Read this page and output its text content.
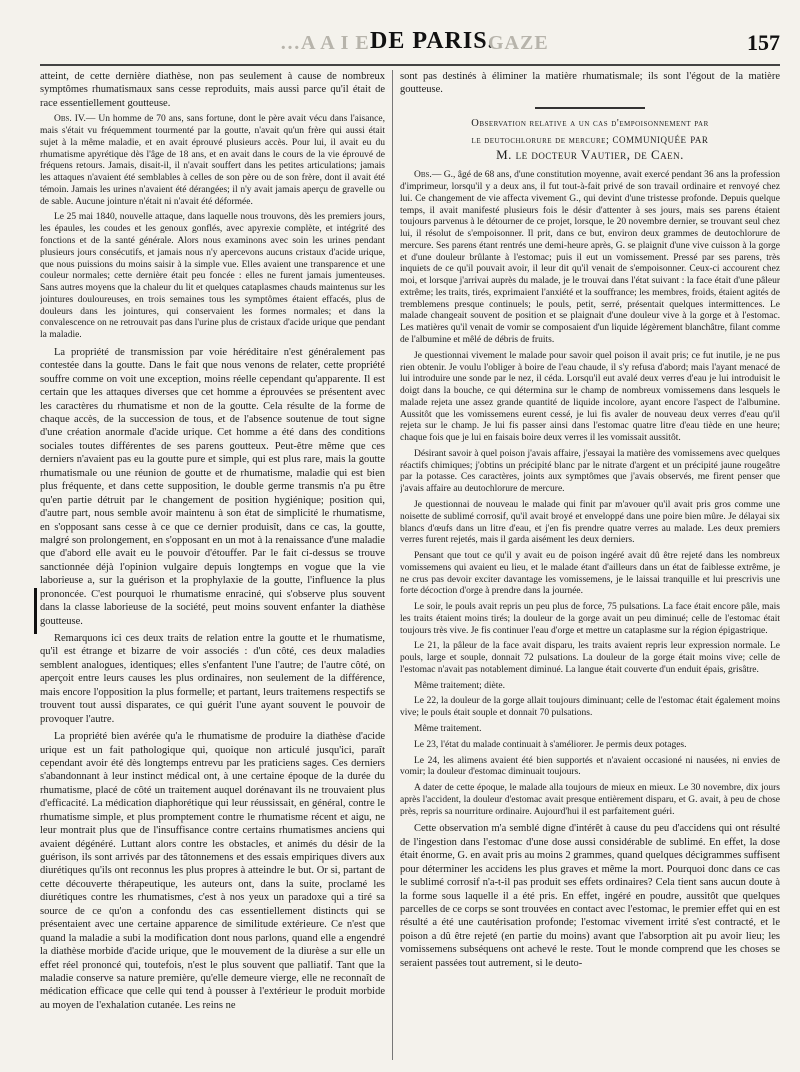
…A A I E DE PARIS.
GAZE	157

atteint, de cette dernière diathèse, non pas seulement à cause de nombreux symptômes rhumatismaux sans cesse reproduits, mais aussi parce qu'il était de race essentiellement goutteuse.

Obs. IV.— Un homme de 70 ans, sans fortune, dont le père avait vécu dans l'aisance, mais s'était vu fréquemment tourmenté par la goutte, n'avait qu'un frère qui aussi était sujet à la même maladie, et en avait éprouvé plusieurs accès. Pour lui, il avait eu du rhumatisme apyrétique dès l'âge de 18 ans, et en avait dans le cours de la vie éprouvé de fréquens retours. Jamais, disait-il, il n'avait souffert dans les petites articulations; jamais les attaques n'avaient été semblables à celles de son père ou de son frère, dont il avait été témoin. Jamais les urines n'avaient été dérangées; il n'y avait jamais aperçu de gravelle ou de sable. Aucune jointure n'était ni n'avait été déformée.

Le 25 mai 1840, nouvelle attaque, dans laquelle nous trouvons, dès les premiers jours, les épaules, les coudes et les genoux gonflés, avec apyrexie complète, et intégrité des fonctions et de la santé générale. Alors nous examinons avec soin les urines pendant plusieurs jours consécutifs, et jamais nous n'y apercevons aucuns cristaux d'acide urique, que nous puissions du moins saisir à la simple vue. Elles avaient une transparence et une couleur normales; cette dernière était peu foncée : elles ne furent jamais jumenteuses. Sans autres moyens que la chaleur du lit et quelques cataplasmes chauds maintenus sur les jointures douloureuses, en trois semaines tous les symptômes étaient effacés, plus de douleurs dans les jointures, qui conservaient les formes normales; et dans la convalescence on ne retrouvait pas dans l'urine plus de cristaux d'acide urique que pendant la maladie.

La propriété de transmission par voie héréditaire n'est généralement pas contestée dans la goutte. Dans le fait que nous venons de relater, cette propriété souffre comme on voit une exception, moins réelle cependant qu'apparente. Il est certain que les attaques diverses que cet homme a éprouvées se présentent avec les caractères du rhumatisme et non de la goutte. Cela résulte de la forme de chaque accès, de la succession de tous, et de l'absence soutenue de tout signe d'une création anormale d'acide urique. Cet homme a été dans des conditions sociales toutes différentes de ses parens goutteux. Peut-être même que ces derniers n'avaient pas eu la goutte pure et simple, qui est plus rare, mais la goutte rhumatismale ou une réunion de goutte et de rhumatisme, maladie qui est bien plus fréquente, et dans cette supposition, le double germe transmis n'a pu être qu'en partie détruit par le changement de position hygiénique; position qui, d'autre part, nous semble avoir maintenu à son état de simplicité le rhumatisme, en s'opposant sans cesse à ce que ce dernier produisît, dans ce cas, la goutte, malgré son prolongement, en s'opposant en un mot à la renaissance d'une maladie que d'abord elle avait eu le pouvoir d'étouffer. Par le fait ci-dessus se trouve sanctionnée déjà l'opinion vulgaire depuis longtemps en vogue que la vie laborieuse a, sur la guérison et la prophylaxie de la goutte, l'influence la plus prononcée. C'est pourquoi le rhumatisme enraciné, qui s'observe plus souvent dans la classe laborieuse de la société, peut moins souvent enfanter la diathèse goutteuse.

Remarquons ici ces deux traits de relation entre la goutte et le rhumatisme, qu'il est étrange et bizarre de voir associés : d'un côté, ces deux maladies semblent analogues, identiques; elles s'enfantent l'une l'autre; de l'autre côté, on aperçoit entre leurs causes les plus ordinaires, non seulement de la différence, mais encore l'opposition la plus formelle; et partant, leurs traitemens respectifs se trouvent tout aussi disparates, ce qui guérit l'une ayant souvent le pouvoir de provoquer l'autre.

La propriété bien avérée qu'a le rhumatisme de produire la diathèse d'acide urique est un fait pathologique qui, quoique non articulé jusqu'ici, paraît cependant avoir été dès longtemps entrevu par les praticiens sages. Ces derniers s'abandonnant à leur instinct médical ont, à une certaine époque de la durée du rhumatisme, placé de côté un traitement auquel dorénavant ils ne trouvaient plus d'efficacité. La médication diaphorétique qui leur réussissait, en général, contre le rhumatisme simple, et plus promptement contre le rhumatisme récent et aigu, ne leur montrait plus que de l'insuffisance contre certains rhumatismes anciens qui avaient dégénéré. Luttant alors contre les obstacles, et animés du désir de la guérison, ils sont arrivés par des tâtonnemens et des essais empiriques divers aux diurétiques qu'ils ont reconnus les plus propres à atteindre le but. Or si, partant de cette découverte thérapeutique, les auteurs ont, dans la suite, proclamé les diurétiques contre les rhumatismes, c'est à nos yeux un paradoxe qui a tiré sa source de ce qu'on a confondu des cas essentiellement distincts qui se présentaient avec une certaine apparence de similitude extérieure. Ce n'est que quand la maladie a subi la modification dont nous parlons, quand elle a engendré la diathèse morbide d'acide urique, que le mouvement de la diurèse a sur elle un effet réel prononcé qui, toutefois, n'est le plus souvent que palliatif. Tant que la maladie conserve sa nature première, qu'elle demeure vierge, elle ne reconnaît de médication efficace que celle qui tend à pousser à l'extérieur le produit morbide au moyen de l'exhalation cutanée. Les reins ne

sont pas destinés à éliminer la matière rhumatismale; ils sont l'égout de la matière goutteuse.

Observation relative a un cas d'empoisonnement par
le deutochlorure de mercure; communiquée par
M. le docteur Vautier, de Caen.

Obs.— G., âgé de 68 ans, d'une constitution moyenne, avait exercé pendant 36 ans la profession d'imprimeur, lorsqu'il y a deux ans, il fut tout-à-fait privé de son travail ordinaire et renvoyé chez lui. Ce changement de vie affecta vivement G., qui devint d'une tristesse profonde. Depuis quelque temps, il avait manifesté plusieurs fois le désir d'attenter à ses jours, mais ses parens étaient toujours parvenus à le détourner de ce projet, lorsque, le 20 novembre dernier, se trouvant seul chez lui, il résolut de s'empoisonner. Il prit, dans ce but, environ deux grammes de deutochlorure de mercure. Ses parens étant rentrés une demi-heure après, G. se plaignit d'une vive cuisson à la gorge et d'une douleur brûlante à l'estomac; puis il eut un vomissement. Pressé par ses parens, très inquiets de ce qu'il pouvait avoir, il leur dit qu'il venait de s'empoisonner. Ceux-ci accourent chez moi, et lorsque j'arrivai auprès du malade, je le trouvai dans l'état suivant : la face était d'une pâleur extrême; les traits, tirés, exprimaient l'anxiété et la souffrance; les membres, froids, étaient agités de tremblemens presque continuels; le pouls, petit, serré, présentait quelques intermittences. Le malade changeait souvent de position et se plaignait d'une douleur vive à la gorge et à l'estomac. Les matières qu'il venait de vomir se composaient d'un liquide légèrement blanchâtre, filant comme de l'albumine et mêlé de débris de fruits.

Je questionnai vivement le malade pour savoir quel poison il avait pris; ce fut inutile, je ne pus rien obtenir. Je voulu l'obliger à boire de l'eau chaude, il s'y refusa d'abord; mais l'ayant menacé de lui introduire une sonde par le nez, il céda. Lorsqu'il eut avalé deux verres d'eau je lui introduisit le doigt dans la bouche, ce qui détermina sur le champ de nombreux vomissemens dans lesquels le malade rejeta une assez grande quantité de liquide incolore, ayant encore l'aspect de l'albumine. Aussitôt que les vomissemens eurent cessé, je lui fis avaler de nouveau deux verres d'eau qu'il rejeta sur le champ. Je lui fis passer ainsi dans l'estomac quatre litre d'eau tiède en une heure; chaque fois que je lui en faisais boire deux verres il les vomissait aussitôt.

Désirant savoir à quel poison j'avais affaire, j'essayai la matière des vomissemens avec quelques réactifs chimiques; j'obtins un précipité blanc par le nitrate d'argent et un précipité jaune rougeâtre par la potasse. Ces caractères, joints aux symptômes que j'avais observés, me firent penser que j'avais affaire au deutochlorure de mercure.

Je questionnai de nouveau le malade qui finit par m'avouer qu'il avait pris gros comme une noisette de sublimé corrosif, qu'il avait broyé et enveloppé dans une poire bien mûre. Je délayai six blancs d'œufs dans un litre d'eau, et j'en fis prendre quatre verres au malade. Les deux premiers verres furent rejetés, mais il garda aisément les deux derniers.

Pensant que tout ce qu'il y avait eu de poison ingéré avait dû être rejeté dans les nombreux vomissemens qui avaient eu lieu, et le malade étant d'ailleurs dans un état de faiblesse extrême, je ne crus pas devoir exciter davantage les vomissemens, je le laissai tranquille et lui prescrivis une forte décoction d'orge à prendre dans la journée.

Le soir, le pouls avait repris un peu plus de force, 75 pulsations. La face était encore pâle, mais les traits étaient moins tirés; la douleur de la gorge avait un peu diminué; celle de l'estomac était toujours très vive. Je fis continuer l'eau d'orge et mettre un cataplasme sur la région épigastrique.

Le 21, la pâleur de la face avait disparu, les traits avaient repris leur expression normale. Le pouls, large et souple, donnait 72 pulsations. La douleur de la gorge était moins vive; celle de l'estomac n'avait pas notablement diminué. La langue était couverte d'un enduit épais, grisâtre.

Même traitement; diète.

Le 22, la douleur de la gorge allait toujours diminuant; celle de l'estomac était également moins vive; le pouls était souple et donnait 70 pulsations.

Même traitement.

Le 23, l'état du malade continuait à s'améliorer. Je permis deux potages.

Le 24, les alimens avaient été bien supportés et n'avaient occasioné ni nausées, ni envies de vomir; la douleur d'estomac diminuait toujours.

A dater de cette époque, le malade alla toujours de mieux en mieux. Le 30 novembre, dix jours après l'accident, la douleur d'estomac avait presque entièrement disparu, et G. avait, à peu de chose près, repris sa nourriture ordinaire. Aujourd'hui il est parfaitement guéri.

Cette observation m'a semblé digne d'intérêt à cause du peu d'accidens qui ont résulté de l'ingestion dans l'estomac d'une dose aussi considérable de sublimé. En effet, la dose était énorme, G. en avait pris au moins 2 grammes, quand quelques décigrammes suffisent pour déterminer les accidens les plus graves et même la mort. Pourquoi donc dans ce cas le sublimé corrosif n'a-t-il pas produit ses effets ordinaires? Cela tient sans aucun doute à la forme sous laquelle il a été pris. En effet, ingéré en poudre, aussitôt que quelques parcelles de ce corps se sont trouvées en contact avec l'estomac, le premier effet qui en est résulté a été une cautérisation profonde; l'estomac vivement irrité s'est contracté, et le poison a dû être rejeté (en partie du moins) avant que l'absorption ait pu avoir lieu; les vomissemens subséquens ont achevé le reste. Tout le monde comprend que les choses se seraient passées tout autrement, si le deuto-
